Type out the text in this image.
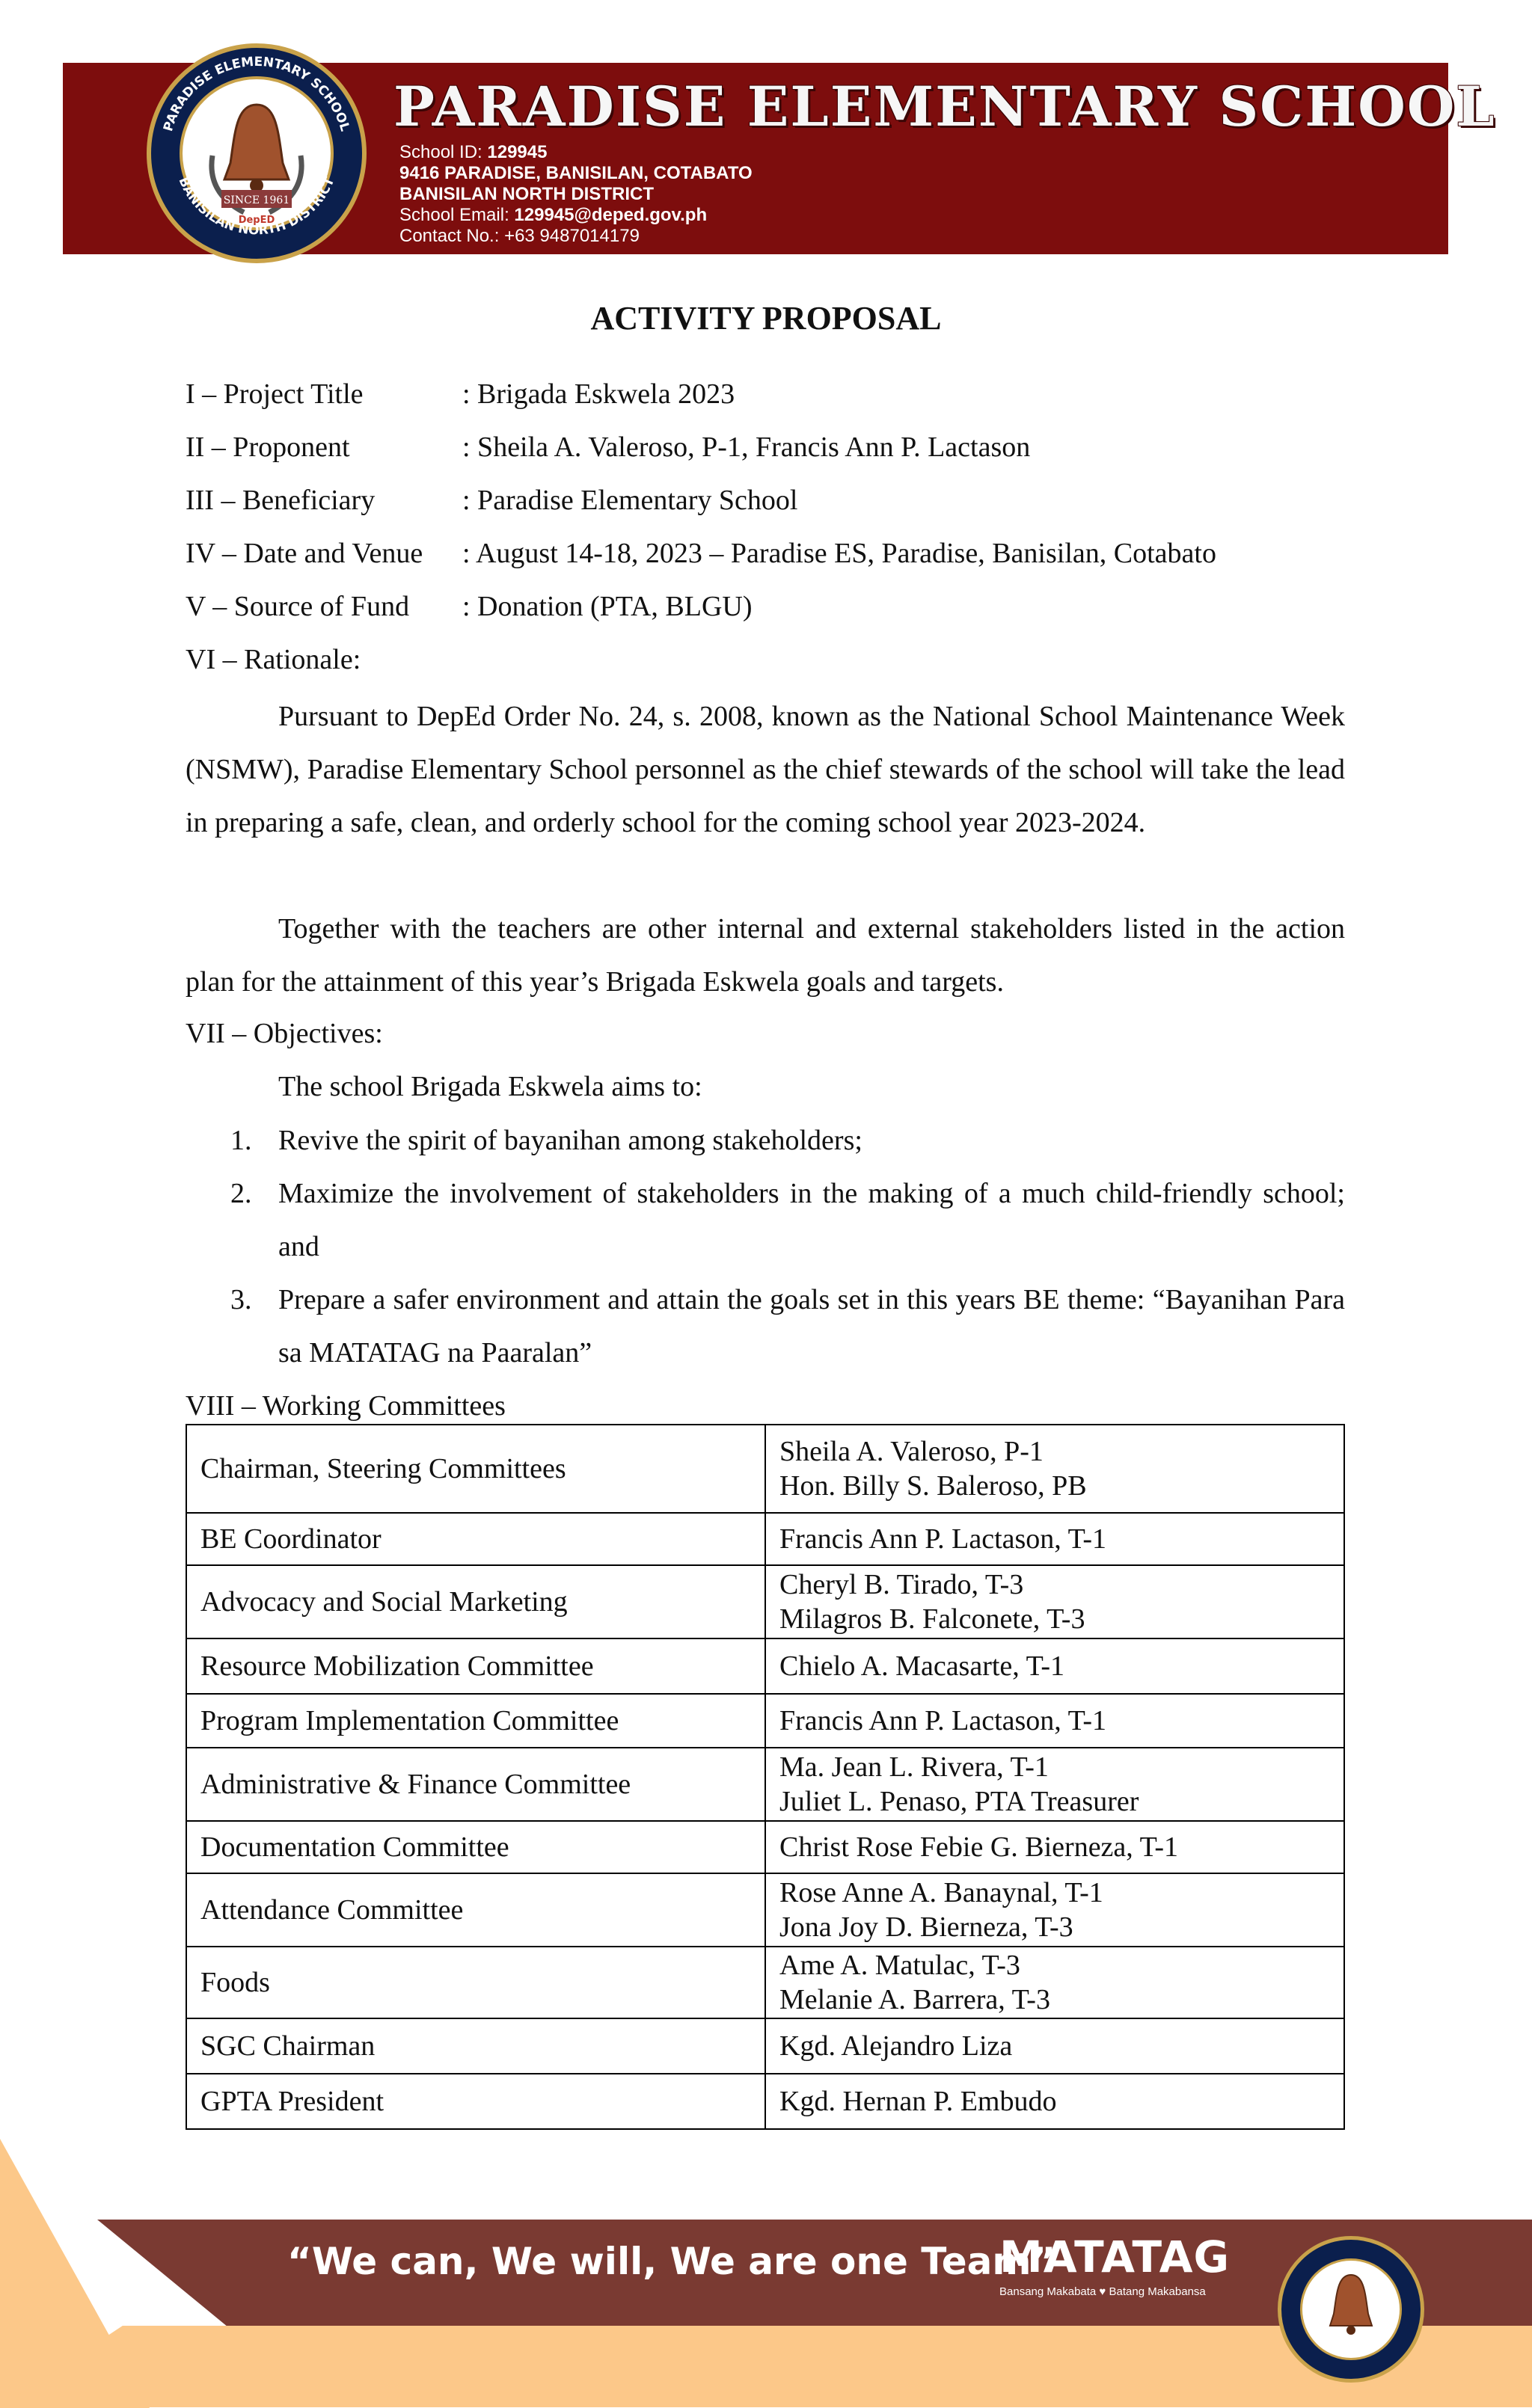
PARADISE ELEMENTARY SCHOOL
BANISILAN NORTH DISTRICT
SINCE 1961
DepED
PARADISE ELEMENTARY SCHOOL
School ID: 129945
9416 PARADISE, BANISILAN, COTABATO
BANISILAN NORTH DISTRICT
School Email: 129945@deped.gov.ph
Contact No.: +63 9487014179
ACTIVITY PROPOSAL
I – Project Title	: Brigada Eskwela 2023
II – Proponent	: Sheila A. Valeroso, P-1, Francis Ann P. Lactason
III – Beneficiary	: Paradise Elementary School
IV – Date and Venue : August 14-18, 2023 – Paradise ES, Paradise, Banisilan, Cotabato
V – Source of Fund : Donation (PTA, BLGU)
VI – Rationale:
Pursuant to DepEd Order No. 24, s. 2008, known as the National School Maintenance Week (NSMW), Paradise Elementary School personnel as the chief stewards of the school will take the lead in preparing a safe, clean, and orderly school for the coming school year 2023-2024.
Together with the teachers are other internal and external stakeholders listed in the action plan for the attainment of this year’s Brigada Eskwela goals and targets.
VII – Objectives:
The school Brigada Eskwela aims to:
1. Revive the spirit of bayanihan among stakeholders;
2. Maximize the involvement of stakeholders in the making of a much child-friendly school; and
3. Prepare a safer environment and attain the goals set in this years BE theme: “Bayanihan Para sa MATATAG na Paaralan”
VIII – Working Committees
Chairman, Steering Committees	Sheila A. Valeroso, P-1
Hon. Billy S. Baleroso, PB

BE Coordinator	Francis Ann P. Lactason, T-1

Advocacy and Social Marketing	Cheryl B. Tirado, T-3
Milagros B. Falconete, T-3

Resource Mobilization Committee	Chielo A. Macasarte, T-1

Program Implementation Committee	Francis Ann P. Lactason, T-1

Administrative & Finance Committee	Ma. Jean L. Rivera, T-1
Juliet L. Penaso, PTA Treasurer

Documentation Committee	Christ Rose Febie G. Bierneza, T-1

Attendance Committee	Rose Anne A. Banaynal, T-1
Jona Joy D. Bierneza, T-3

Foods	Ame A. Matulac, T-3
Melanie A. Barrera, T-3

SGC Chairman	Kgd. Alejandro Liza

GPTA President	Kgd. Hernan P. Embudo
“We can, We will, We are one Team”
MATATAG
Bansang Makabata ♥ Batang Makabansa
